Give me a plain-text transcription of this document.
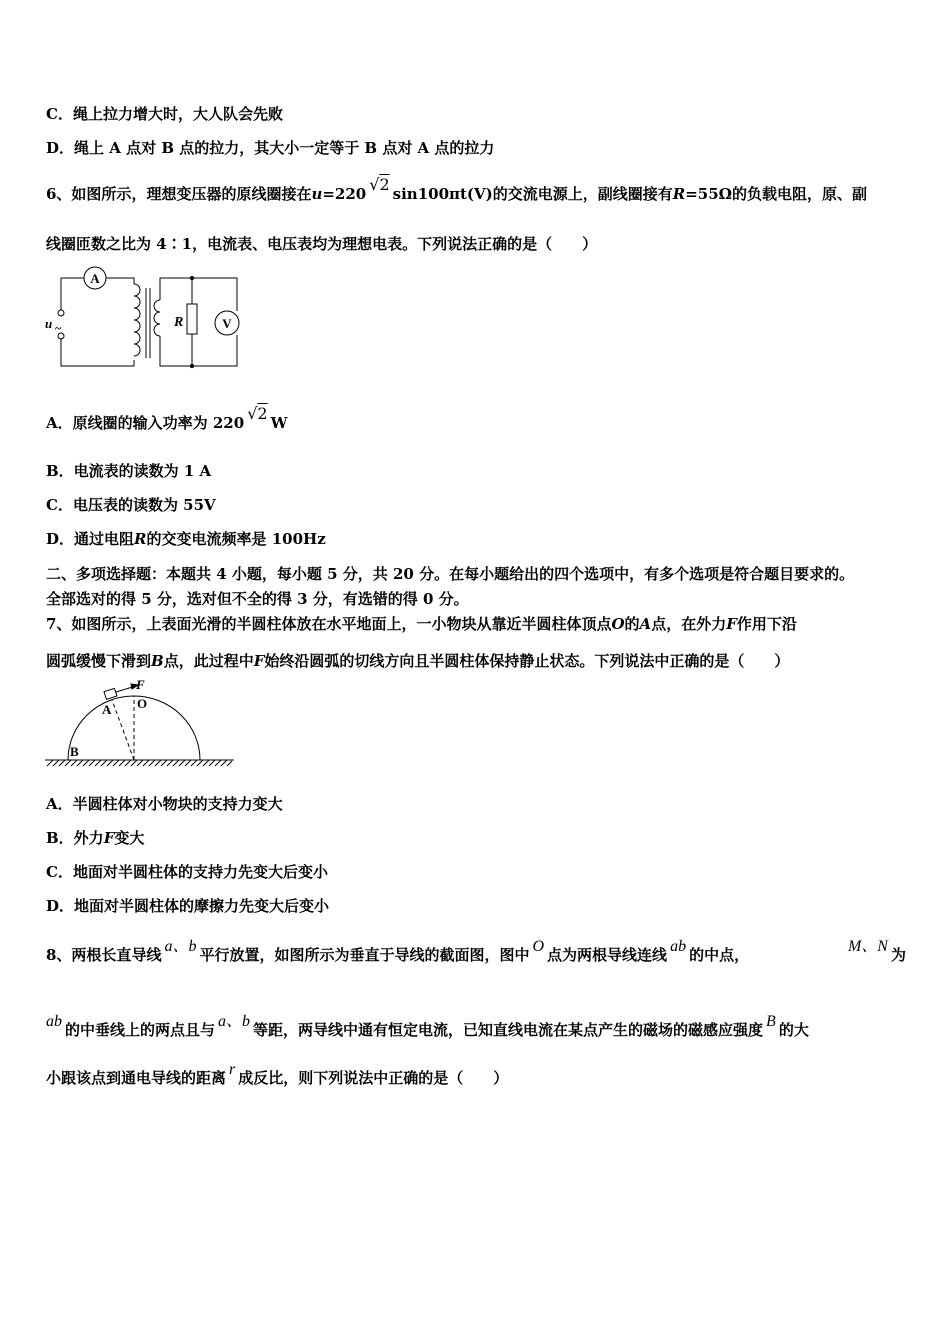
C．绳上拉力增大时，大人队会先败
D．绳上 A 点对 B 点的拉力，其大小一定等于 B 点对 A 点的拉力
6、如图所示，理想变压器的原线圈接在u=220 √2 sin100πt(V)的交流电源上，副线圈接有R=55Ω的负载电阻，原、副
线圈匝数之比为 4∶1，电流表、电压表均为理想电表。下列说法正确的是（　　）
A
V
R
u ~
A．原线圈的输入功率为 220 √2 W
B．电流表的读数为 1 A
C．电压表的读数为 55V
D．通过电阻R的交变电流频率是 100Hz
二、多项选择题：本题共 4 小题，每小题 5 分，共 20 分。在每小题给出的四个选项中，有多个选项是符合题目要求的。
全部选对的得 5 分，选对但不全的得 3 分，有选错的得 0 分。
7、如图所示，上表面光滑的半圆柱体放在水平地面上，一小物块从靠近半圆柱体顶点O的A点，在外力F作用下沿
圆弧缓慢下滑到B点，此过程中F始终沿圆弧的切线方向且半圆柱体保持静止状态。下列说法中正确的是（　　）
F
A O
B
A．半圆柱体对小物块的支持力变大
B．外力F变大
C．地面对半圆柱体的支持力先变大后变小
D．地面对半圆柱体的摩擦力先变大后变小
8、两根长直导线 a、b 平行放置，如图所示为垂直于导线的截面图，图中 O 点为两根导线连线 ab 的中点，	M、N 为
ab 的中垂线上的两点且与 a、b 等距，两导线中通有恒定电流，已知直线电流在某点产生的磁场的磁感应强度 B 的大
小跟该点到通电导线的距离 r 成反比，则下列说法中正确的是（　　）
